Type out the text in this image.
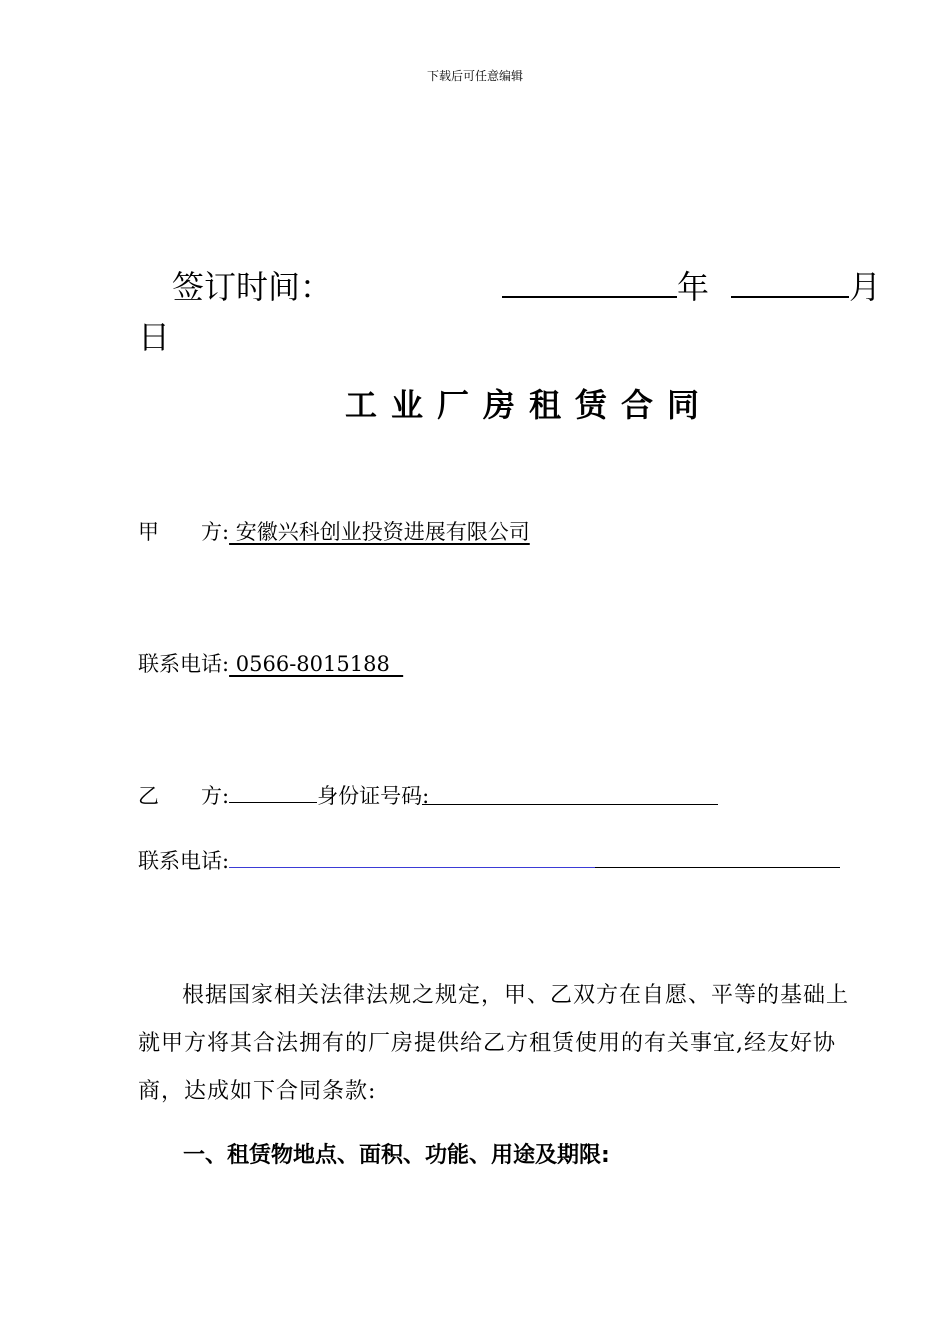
下载后可任意编辑
签订时间：	年	月
日
工业厂房租赁合同
甲　　方: 安徽兴科创业投资进展有限公司
联系电话: 0566-8015188
乙　　方:	身份证号码:
联系电话:
根据国家相关法律法规之规定，甲、乙双方在自愿、平等的基础上就甲方将其合法拥有的厂房提供给乙方租赁使用的有关事宜,经友好协商，达成如下合同条款:
一、租赁物地点、面积、功能、用途及期限:
